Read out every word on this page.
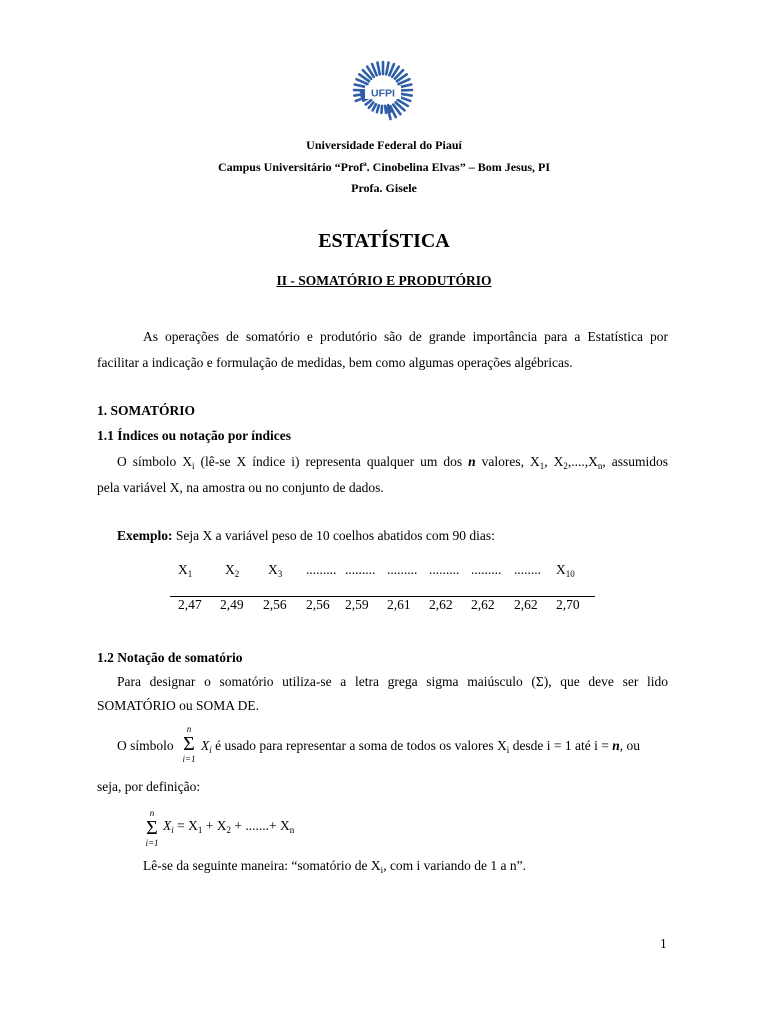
UFPI
Universidade Federal do Piauí
Campus Universitário “Profª. Cinobelina Elvas” – Bom Jesus, PI
Profa. Gisele
ESTATÍSTICA
II - SOMATÓRIO E PRODUTÓRIO
As operações de somatório e produtório são de grande importância para a Estatística por
facilitar a indicação e formulação de medidas, bem como algumas operações algébricas.
1. SOMATÓRIO
1.1 Índices ou notação por índices
O símbolo $X_i$ (lê-se X índice i) representa qualquer um dos n valores, $X_1$, $X_2,....,X_n$, assumidos
pela variável X, na amostra ou no conjunto de dados.
Exemplo: Seja X a variável peso de 10 coelhos abatidos com 90 dias:
$X_1$ $X_2$ $X_3$ ......... ......... ......... ......... ......... ........ $X_{10}$
2,47 2,49 2,56 2,56 2,59 2,61 2,62 2,62 2,62 2,70
1.2 Notação de somatório
Para designar o somatório utiliza-se a letra grega sigma maiúsculo (Σ), que deve ser lido
SOMATÓRIO ou SOMA DE.
O símbolo
n
Σ
i=1
$X_i$ é usado para representar a soma de todos os valores $X_i$ desde i = 1 até i = n, ou
seja, por definição:
n
Σ
i=1
$X_i = X_1 + X_2$ + .......+ $X_n$
Lê-se da seguinte maneira: “somatório de $X_i$, com i variando de 1 a n”.
1
